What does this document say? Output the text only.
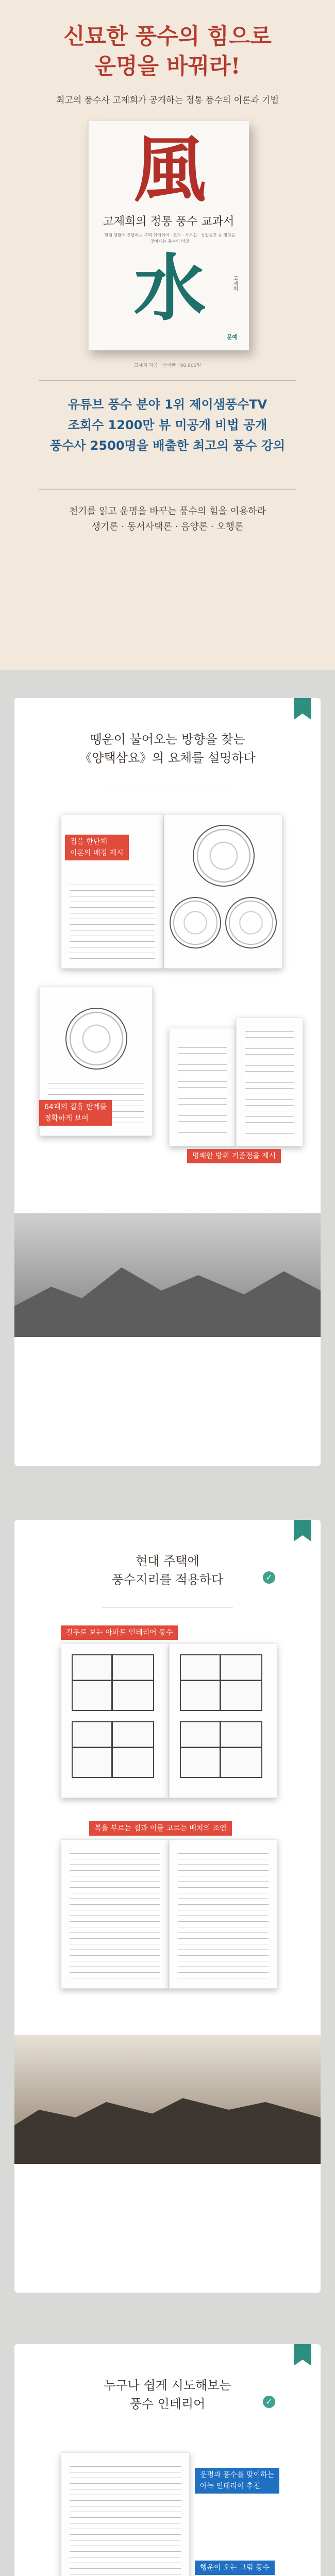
신묘한 풍수의 힘으로
운명을 바꿔라!
최고의 풍수사 고제희가 공개하는 정통 풍수의 이론과 기법
風
고제희의 정통 풍수 교과서
현대 생활에 부합하는 주택 인테리어 · 묘지 · 사무실 · 상업공간 등 명당을 찾아내는 풍수의 비밀
水	고제희
문예
고제희 지음 | 신국판 | 00,000원
유튜브 풍수 분야 1위 제이샘풍수TV
조회수 1200만 뷰 미공개 비법 공개
풍수사 2500명을 배출한 최고의 풍수 강의
천기를 읽고 운명을 바꾸는 풍수의 힘을 이용하라
생기론 · 동서사택론 · 음양론 · 오행론
땡운이 불어오는 방향을 찾는
《양택삼요》의 요체를 설명하다
집을 한단체
이론의 배경 제시
64괘의 길흉 판계를
정확하게 보여
명쾌한 방위 기준점을 제시
현대 주택에
풍수지리를 적용하다	✓
길무로 보는 아파트 인테리어 풍수
복을 부르는 집과 이를 고르는 배치의 조언
누구나 쉽게 시도해보는
풍수 인테리어	✓
운명과 풍수를 맞이하는
아늑 인테리어 추천
행운이 오는 그림 풍수
